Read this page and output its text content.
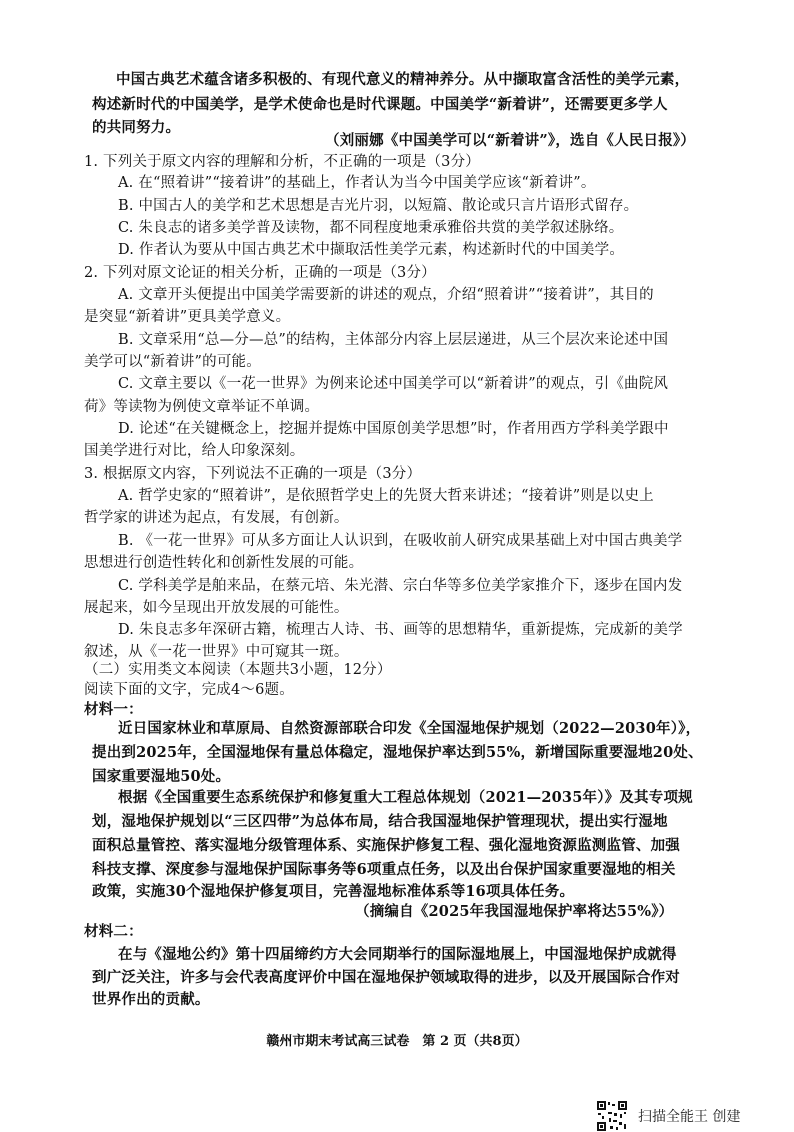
中国古典艺术蕴含诸多积极的、有现代意义的精神养分。从中撷取富含活性的美学元素，
构述新时代的中国美学，是学术使命也是时代课题。中国美学“新着讲”，还需要更多学人
的共同努力。
（刘丽娜《中国美学可以“新着讲”》，选自《人民日报》）
1. 下列关于原文内容的理解和分析，不正确的一项是（3分）
A. 在“照着讲”“接着讲”的基础上，作者认为当今中国美学应该“新着讲”。
B. 中国古人的美学和艺术思想是吉光片羽，以短篇、散论或只言片语形式留存。
C. 朱良志的诸多美学普及读物，都不同程度地秉承雅俗共赏的美学叙述脉络。
D. 作者认为要从中国古典艺术中撷取活性美学元素，构述新时代的中国美学。
2. 下列对原文论证的相关分析，正确的一项是（3分）
A. 文章开头便提出中国美学需要新的讲述的观点，介绍“照着讲”“接着讲”，其目的
是突显“新着讲”更具美学意义。
B. 文章采用“总—分—总”的结构，主体部分内容上层层递进，从三个层次来论述中国
美学可以“新着讲”的可能。
C. 文章主要以《一花一世界》为例来论述中国美学可以“新着讲”的观点，引《曲院风
荷》等读物为例使文章举证不单调。
D. 论述“在关键概念上，挖掘并提炼中国原创美学思想”时，作者用西方学科美学跟中
国美学进行对比，给人印象深刻。
3. 根据原文内容，下列说法不正确的一项是（3分）
A. 哲学史家的“照着讲”，是依照哲学史上的先贤大哲来讲述；“接着讲”则是以史上
哲学家的讲述为起点，有发展，有创新。
B. 《一花一世界》可从多方面让人认识到，在吸收前人研究成果基础上对中国古典美学
思想进行创造性转化和创新性发展的可能。
C. 学科美学是舶来品，在蔡元培、朱光潜、宗白华等多位美学家推介下，逐步在国内发
展起来，如今呈现出开放发展的可能性。
D. 朱良志多年深研古籍，梳理古人诗、书、画等的思想精华，重新提炼，完成新的美学
叙述，从《一花一世界》中可窥其一斑。
（二）实用类文本阅读（本题共3小题，12分）
阅读下面的文字，完成4～6题。
材料一：
近日国家林业和草原局、自然资源部联合印发《全国湿地保护规划（2022—2030年）》，
提出到2025年，全国湿地保有量总体稳定，湿地保护率达到55%，新增国际重要湿地20处、
国家重要湿地50处。
根据《全国重要生态系统保护和修复重大工程总体规划（2021—2035年）》及其专项规
划，湿地保护规划以“三区四带”为总体布局，结合我国湿地保护管理现状，提出实行湿地
面积总量管控、落实湿地分级管理体系、实施保护修复工程、强化湿地资源监测监管、加强
科技支撑、深度参与湿地保护国际事务等6项重点任务，以及出台保护国家重要湿地的相关
政策，实施30个湿地保护修复项目，完善湿地标准体系等16项具体任务。
（摘编自《2025年我国湿地保护率将达55%》）
材料二：
在与《湿地公约》第十四届缔约方大会同期举行的国际湿地展上，中国湿地保护成就得
到广泛关注，许多与会代表高度评价中国在湿地保护领域取得的进步，以及开展国际合作对
世界作出的贡献。
赣州市期末考试高三试卷　第 2 页（共8页）
扫描全能王 创建
